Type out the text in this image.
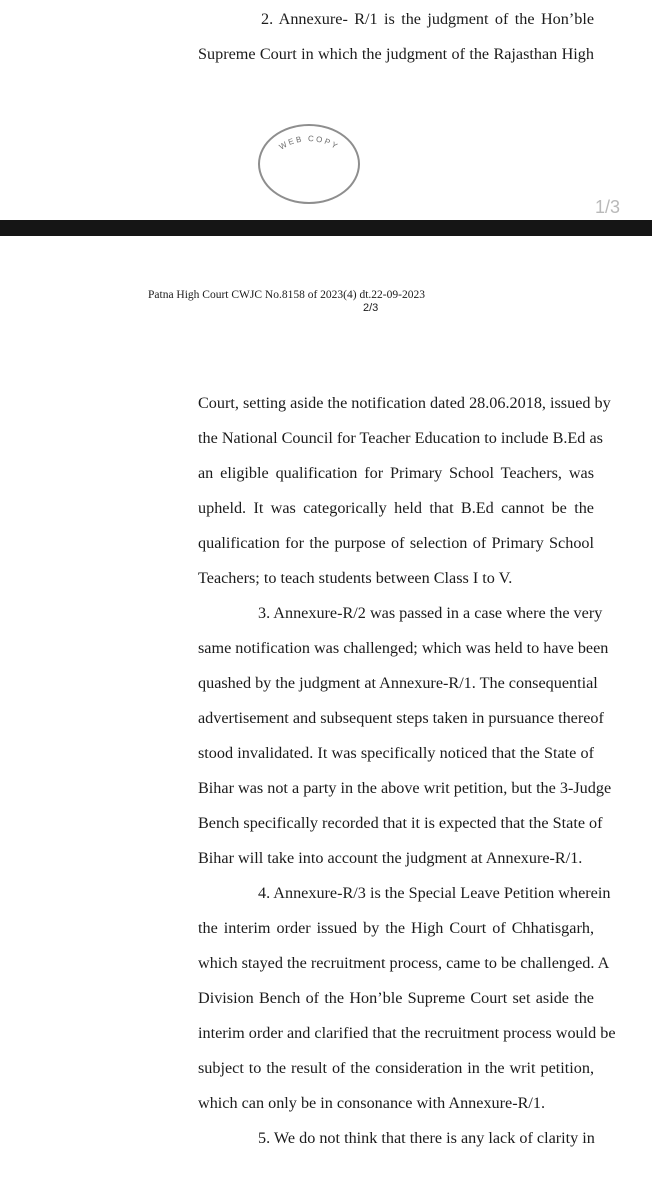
2. Annexure- R/1 is the judgment of the Hon’ble
Supreme Court in which the judgment of the Rajasthan High
WEB COPY
1/3
Patna High Court CWJC No.8158 of 2023(4) dt.22-09-2023
2/3
Court, setting aside the notification dated 28.06.2018, issued by
the National Council for Teacher Education to include B.Ed as
an eligible qualification for Primary School Teachers, was
upheld. It was categorically held that B.Ed cannot be the
qualification for the purpose of selection of Primary School
Teachers; to teach students between Class I to V.
3. Annexure-R/2 was passed in a case where the very
same notification was challenged; which was held to have been
quashed by the judgment at Annexure-R/1. The consequential
advertisement and subsequent steps taken in pursuance thereof
stood invalidated. It was specifically noticed that the State of
Bihar was not a party in the above writ petition, but the 3-Judge
Bench specifically recorded that it is expected that the State of
Bihar will take into account the judgment at Annexure-R/1.
4. Annexure-R/3 is the Special Leave Petition wherein
the interim order issued by the High Court of Chhatisgarh,
which stayed the recruitment process, came to be challenged. A
Division Bench of the Hon’ble Supreme Court set aside the
interim order and clarified that the recruitment process would be
subject to the result of the consideration in the writ petition,
which can only be in consonance with Annexure-R/1.
5. We do not think that there is any lack of clarity in
